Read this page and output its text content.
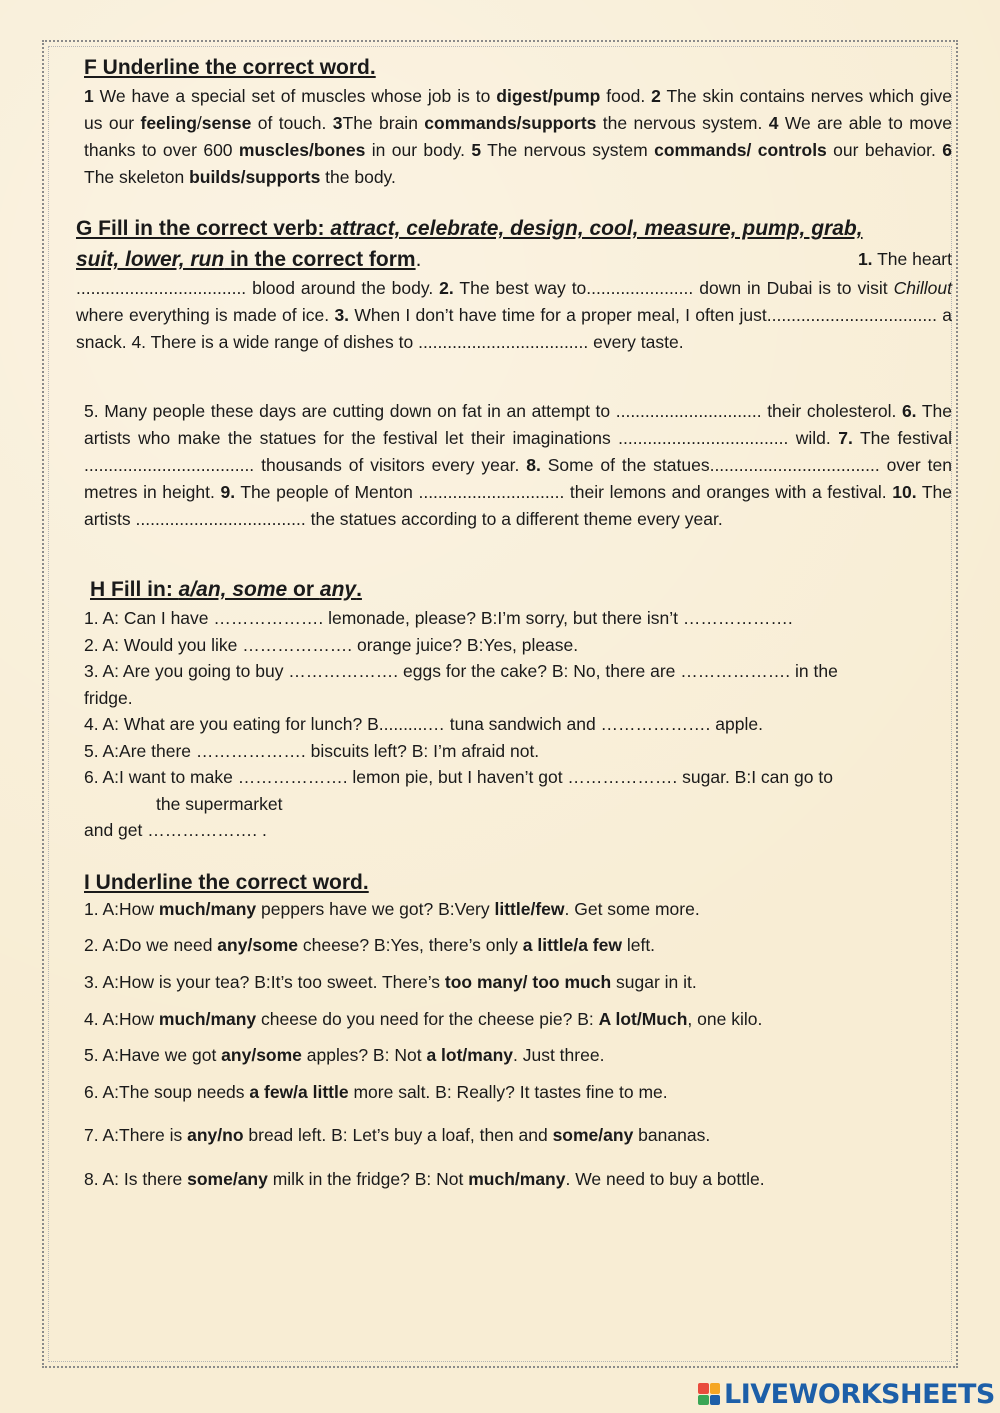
F Underline the correct word.

1 We have a special set of muscles whose job is to digest/pump food. 2 The skin contains nerves which give us our feeling/sense of touch. 3The brain commands/supports the nervous system. 4 We are able to move thanks to over 600 muscles/bones in our body. 5 The nervous system commands/ controls our behavior. 6 The skeleton builds/supports the body.

G Fill in the correct verb: attract, celebrate, design, cool, measure, pump, grab,

suit, lower, run in the correct form.	1. The heart

................................... blood around the body. 2. The best way to...................... down in Dubai is to visit Chillout where everything is made of ice. 3. When I don’t have time for a proper meal, I often just................................... a snack. 4. There is a wide range of dishes to ................................... every taste.

5. Many people these days are cutting down on fat in an attempt to .............................. their cholesterol. 6. The artists who make the statues for the festival let their imaginations ................................... wild. 7. The festival ................................... thousands of visitors every year. 8. Some of the statues................................... over ten metres in height. 9. The people of Menton .............................. their lemons and oranges with a festival. 10. The artists ................................... the statues according to a different theme every year.

H Fill in: a/an, some or any.

1. A: Can I have ………………. lemonade, please? B:I’m sorry, but there isn’t ……………….

2. A: Would you like ………………. orange juice? B:Yes, please.

3. A: Are you going to buy ………………. eggs for the cake? B: No, there are ………………. in the

fridge.

4. A: What are you eating for lunch? B..........… tuna sandwich and ………………. apple.

5. A:Are there ………………. biscuits left? B: I’m afraid not.

6. A:I want to make ………………. lemon pie, but I haven’t got ………………. sugar. B:I can go to

the supermarket

and get ………………. .

I Underline the correct word.

1. A:How much/many peppers have we got? B:Very little/few. Get some more.
2. A:Do we need any/some cheese? B:Yes, there’s only a little/a few left.
3. A:How is your tea? B:It’s too sweet. There’s too many/ too much sugar in it.
4. A:How much/many cheese do you need for the cheese pie? B: A lot/Much, one kilo.
5. A:Have we got any/some apples? B: Not a lot/many. Just three.
6. A:The soup needs a few/a little more salt. B: Really? It tastes fine to me.
7. A:There is any/no bread left. B: Let’s buy a loaf, then and some/any bananas.
8. A: Is there some/any milk in the fridge? B: Not much/many. We need to buy a bottle.
LIVEWORKSHEETS
